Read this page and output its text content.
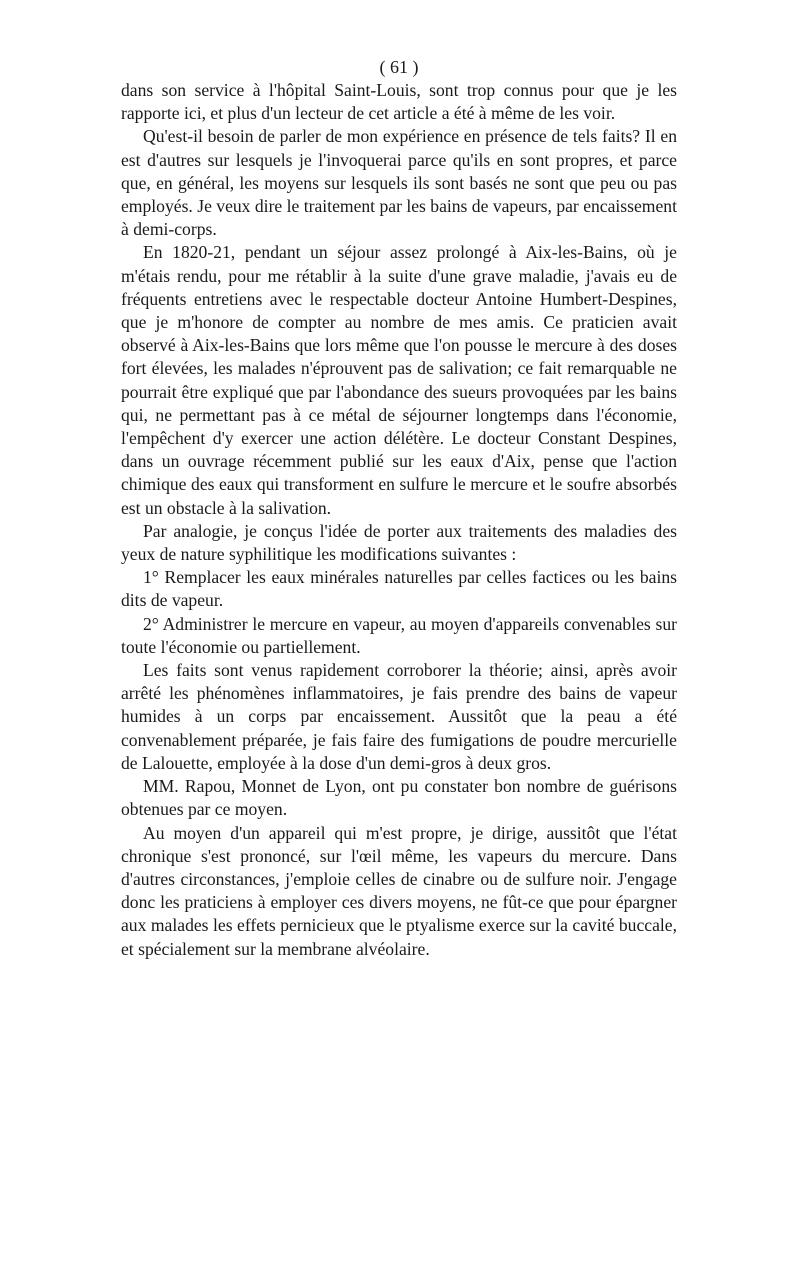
( 61 )

dans son service à l'hôpital Saint-Louis, sont trop connus pour que je les rapporte ici, et plus d'un lecteur de cet article a été à même de les voir.

Qu'est-il besoin de parler de mon expérience en présence de tels faits? Il en est d'autres sur lesquels je l'invoquerai parce qu'ils en sont propres, et parce que, en général, les moyens sur lesquels ils sont basés ne sont que peu ou pas employés. Je veux dire le traitement par les bains de vapeurs, par encaissement à demi-corps.

En 1820-21, pendant un séjour assez prolongé à Aix-les-Bains, où je m'étais rendu, pour me rétablir à la suite d'une grave maladie, j'avais eu de fréquents entretiens avec le respectable docteur Antoine Humbert-Despines, que je m'honore de compter au nombre de mes amis. Ce praticien avait observé à Aix-les-Bains que lors même que l'on pousse le mercure à des doses fort élevées, les malades n'éprouvent pas de salivation; ce fait remarquable ne pourrait être expliqué que par l'abondance des sueurs provoquées par les bains qui, ne permettant pas à ce métal de séjourner longtemps dans l'économie, l'empêchent d'y exercer une action délétère. Le docteur Constant Despines, dans un ouvrage récemment publié sur les eaux d'Aix, pense que l'action chimique des eaux qui transforment en sulfure le mercure et le soufre absorbés est un obstacle à la salivation.

Par analogie, je conçus l'idée de porter aux traitements des maladies des yeux de nature syphilitique les modifications suivantes :

1° Remplacer les eaux minérales naturelles par celles factices ou les bains dits de vapeur.

2° Administrer le mercure en vapeur, au moyen d'appareils convenables sur toute l'économie ou partiellement.

Les faits sont venus rapidement corroborer la théorie; ainsi, après avoir arrêté les phénomènes inflammatoires, je fais prendre des bains de vapeur humides à un corps par encaissement. Aussitôt que la peau a été convenablement préparée, je fais faire des fumigations de poudre mercurielle de Lalouette, employée à la dose d'un demi-gros à deux gros.

MM. Rapou, Monnet de Lyon, ont pu constater bon nombre de guérisons obtenues par ce moyen.

Au moyen d'un appareil qui m'est propre, je dirige, aussitôt que l'état chronique s'est prononcé, sur l'œil même, les vapeurs du mercure. Dans d'autres circonstances, j'emploie celles de cinabre ou de sulfure noir. J'engage donc les praticiens à employer ces divers moyens, ne fût-ce que pour épargner aux malades les effets pernicieux que le ptyalisme exerce sur la cavité buccale, et spécialement sur la membrane alvéolaire.
